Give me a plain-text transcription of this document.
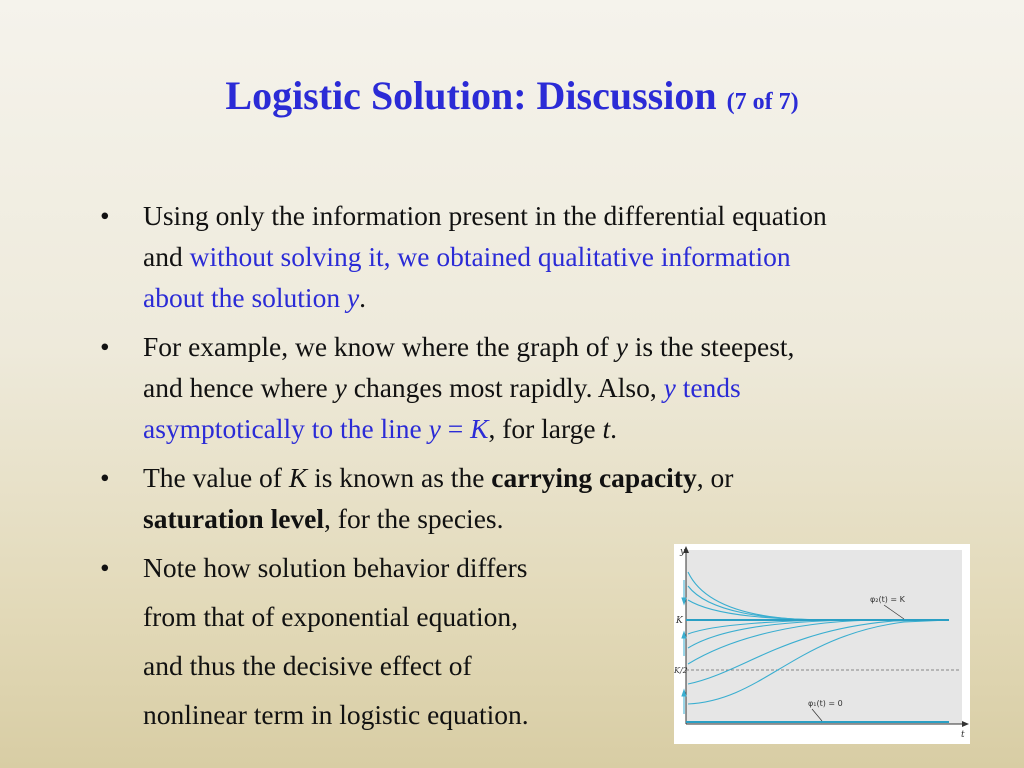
Logistic Solution: Discussion (7 of 7)
• Using only the information present in the differential equation
and without solving it, we obtained qualitative information
about the solution y.
• For example, we know where the graph of y is the steepest,
and hence where y changes most rapidly. Also, y tends
asymptotically to the line y = K, for large t.
• The value of K is known as the carrying capacity, or
saturation level, for the species.
• Note how solution behavior differs
from that of exponential equation,
and thus the decisive effect of
nonlinear term in logistic equation.
y
t
K
K/2
φ₂(t) = K
φ₁(t) = 0
